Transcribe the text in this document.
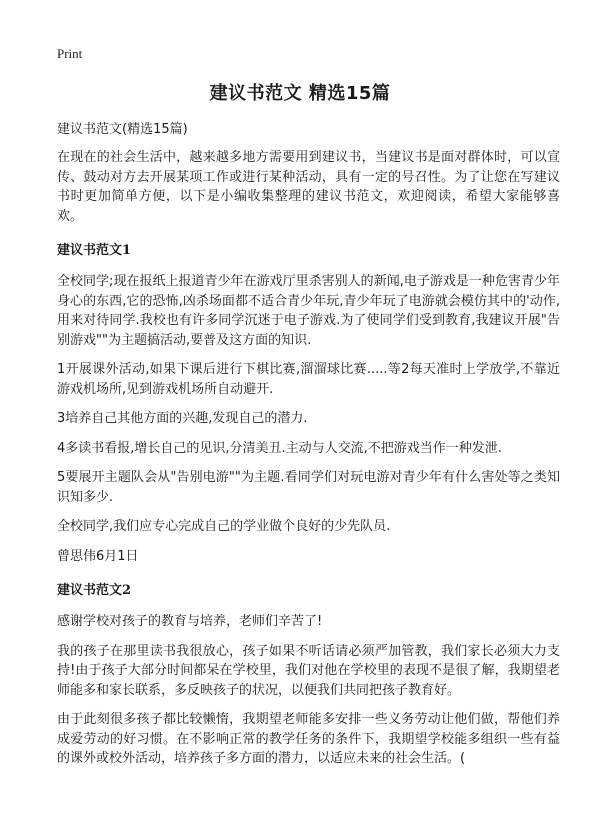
Print
建议书范文 精选15篇
建议书范文(精选15篇)

在现在的社会生活中，越来越多地方需要用到建议书，当建议书是面对群体时，可以宣传、鼓动对方去开展某项工作或进行某种活动，具有一定的号召性。为了让您在写建议书时更加简单方便，以下是小编收集整理的建议书范文，欢迎阅读，希望大家能够喜欢。

建议书范文1

全校同学;现在报纸上报道青少年在游戏厅里杀害别人的新闻,电子游戏是一种危害青少年身心的东西,它的恐怖,凶杀场面都不适合青少年玩,青少年玩了电游就会模仿其中的'动作,用来对待同学.我校也有许多同学沉迷于电子游戏.为了使同学们受到教育,我建议开展"告别游戏""为主题搞活动,要普及这方面的知识.

1开展课外活动,如果下课后进行下棋比赛,溜溜球比赛.....等2每天准时上学放学,不靠近游戏机场所,见到游戏机场所自动避开.

3培养自己其他方面的兴趣,发现自己的潜力.

4多读书看报,增长自己的见识,分清美丑.主动与人交流,不把游戏当作一种发泄.

5要展开主题队会从"告别电游""为主题.看同学们对玩电游对青少年有什么害处等之类知识知多少.

全校同学,我们应专心完成自己的学业做个良好的少先队员.

曾思伟6月1日

建议书范文2

感谢学校对孩子的教育与培养，老师们辛苦了!

我的孩子在那里读书我很放心，孩子如果不听话请必须严加管教，我们家长必须大力支持!由于孩子大部分时间都呆在学校里，我们对他在学校里的表现不是很了解，我期望老师能多和家长联系，多反映孩子的状况，以便我们共同把孩子教育好。

由于此刻很多孩子都比较懒惰，我期望老师能多安排一些义务劳动让他们做，帮他们养成爱劳动的好习惯。在不影响正常的教学任务的条件下，我期望学校能多组织一些有益的课外或校外活动，培养孩子多方面的潜力，以适应未来的社会生活。(
